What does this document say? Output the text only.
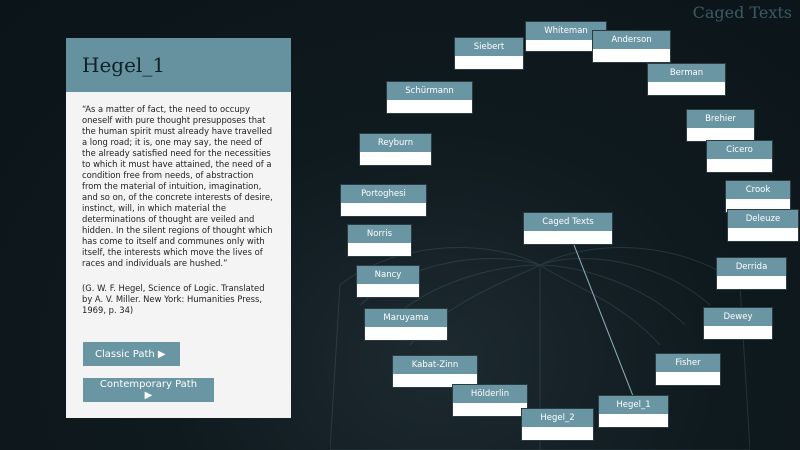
Caged Texts
Hegel_1

“As a matter of fact, the need to occupy oneself with pure thought presupposes that the human spirit must already have travelled a long road; it is, one may say, the need of the already satisfied need for the necessities to which it must have attained, the need of a condition free from needs, of abstraction from the material of intuition, imagination, and so on, of the concrete interests of desire, instinct, will, in which material the determinations of thought are veiled and hidden. In the silent regions of thought which has come to itself and communes only with itself, the interests which move the lives of races and individuals are hushed.”

(G. W. F. Hegel, Science of Logic. Translated by A. V. Miller. New York: Humanities Press, 1969, p. 34)

Classic Path ▶
Contemporary Path ▶
Whiteman
Siebert
Anderson
Berman
Schürmann
Brehier
Reyburn
Cicero
Crook
Portoghesi
Deleuze
Caged Texts
Norris
Derrida
Nancy
Maruyama	Dewey
Fisher
Kabat-Zinn
Hölderlin
Hegel_1
Hegel_2
